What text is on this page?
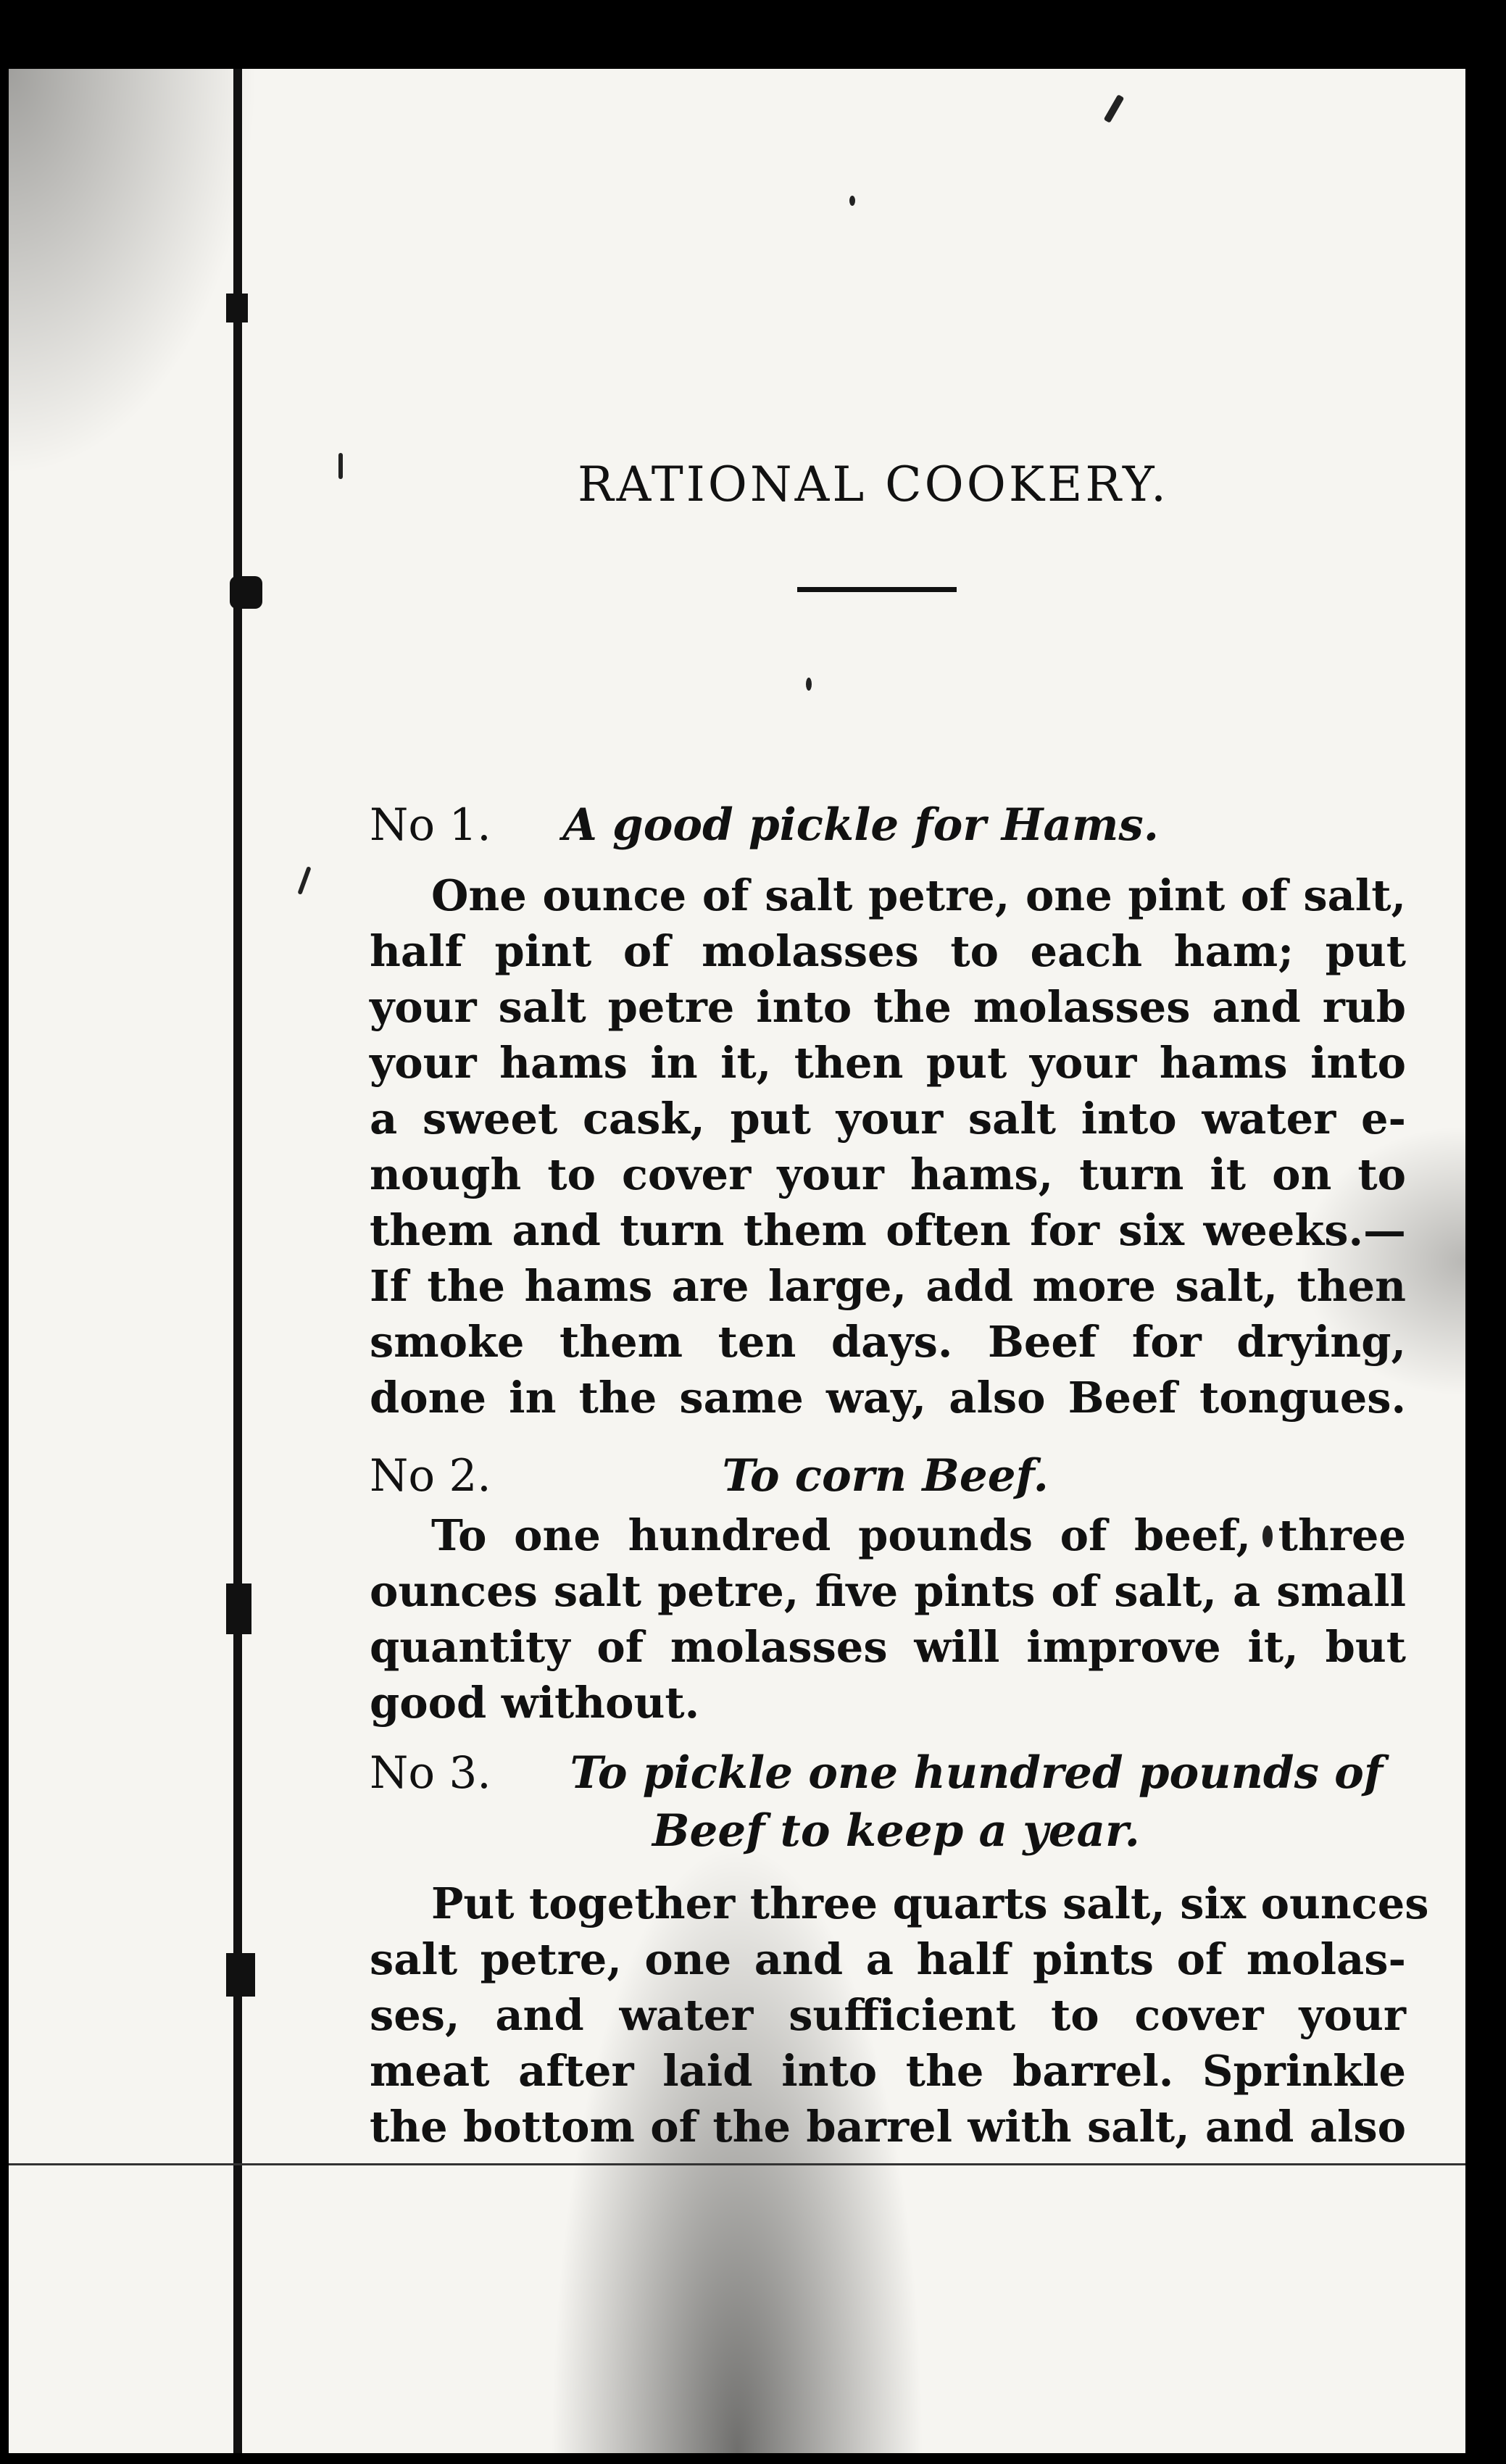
RATIONAL COOKERY.
No 1. A good pickle for Hams.
One ounce of salt petre, one pint of salt,
half pint of molasses to each ham; put
your salt petre into the molasses and rub
your hams in it, then put your hams into
a sweet cask, put your salt into water e-
nough to cover your hams, turn it on to
them and turn them often for six weeks.—
If the hams are large, add more salt, then
smoke them ten days. Beef for drying,
done in the same way, also Beef tongues.
No 2.	To corn Beef.
To one hundred pounds of beef, three
ounces salt petre, five pints of salt, a small
quantity of molasses will improve it, but
good without.
No 3. To pickle one hundred pounds of
Beef to keep a year.
Put together three quarts salt, six ounces
salt petre, one and a half pints of molas-
ses, and water sufficient to cover your
meat after laid into the barrel. Sprinkle
the bottom of the barrel with salt, and also
